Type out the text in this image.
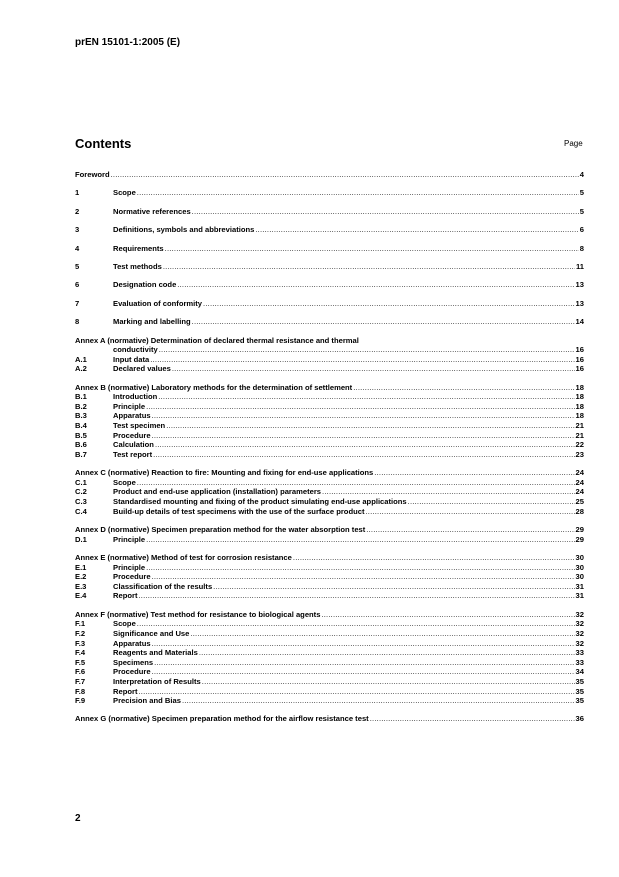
prEN 15101-1:2005 (E)
Contents	Page
Foreword .....	4
1	Scope .....	5
2	Normative references .....	5
3	Definitions, symbols and abbreviations .....	6
4	Requirements .....	8
5	Test methods .....	11
6	Designation code .....	13
7	Evaluation of conformity .....	13
8	Marking and labelling .....	14
Annex A (normative) Determination of declared thermal resistance and thermal
conductivity .....	16
A.1	Input data .....	16
A.2	Declared values .....	16
Annex B (normative) Laboratory methods for the determination of settlement .....	18
B.1	Introduction .....	18
B.2	Principle .....	18
B.3	Apparatus .....	18
B.4	Test specimen .....	21
B.5	Procedure .....	21
B.6	Calculation .....	22
B.7	Test report .....	23
Annex C (normative) Reaction to fire: Mounting and fixing for end-use applications .....	24
C.1	Scope .....	24
C.2	Product and end-use application (installation) parameters .....	24
C.3	Standardised mounting and fixing of the product simulating end-use applications .....	25
C.4	Build-up details of test specimens with the use of the surface product .....	28
Annex D (normative) Specimen preparation method for the water absorption test .....	29
D.1	Principle .....	29
Annex E (normative) Method of test for corrosion resistance .....	30
E.1	Principle .....	30
E.2	Procedure .....	30
E.3	Classification of the results .....	31
E.4	Report .....	31
Annex F (normative) Test method for resistance to biological agents .....	32
F.1	Scope .....	32
F.2	Significance and Use .....	32
F.3	Apparatus .....	32
F.4	Reagents and Materials .....	33
F.5	Specimens .....	33
F.6	Procedure .....	34
F.7	Interpretation of Results .....	35
F.8	Report .....	35
F.9	Precision and Bias .....	35
Annex G (normative) Specimen preparation method for the airflow resistance test .....	36
2
